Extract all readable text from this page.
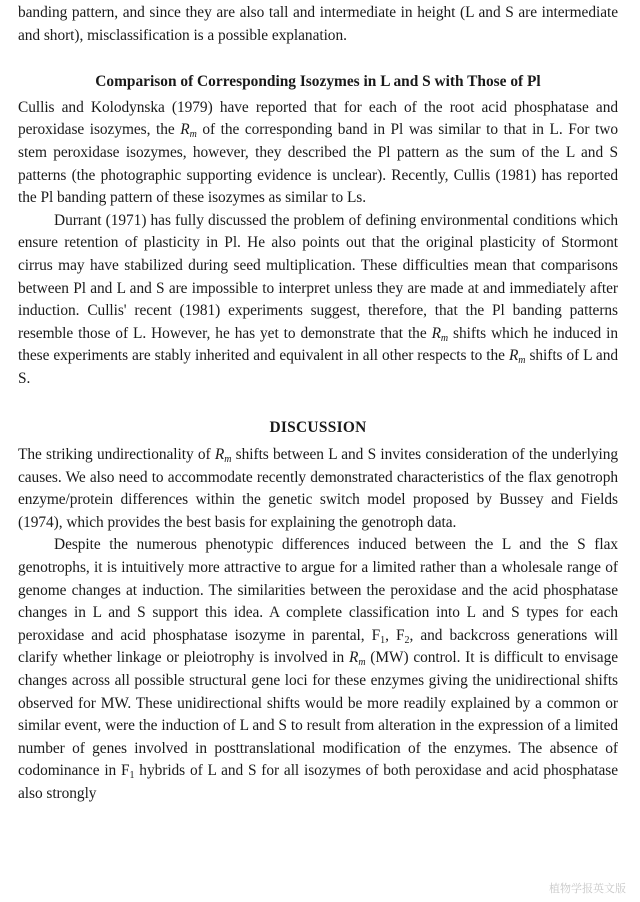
banding pattern, and since they are also tall and intermediate in height (L and S are intermediate and short), misclassification is a possible explanation.

Comparison of Corresponding Isozymes in L and S with Those of Pl

Cullis and Kolodynska (1979) have reported that for each of the root acid phosphatase and peroxidase isozymes, the $R_m$ of the corresponding band in Pl was similar to that in L. For two stem peroxidase isozymes, however, they described the Pl pattern as the sum of the L and S patterns (the photographic supporting evidence is unclear). Recently, Cullis (1981) has reported the Pl banding pattern of these isozymes as similar to Ls.

Durrant (1971) has fully discussed the problem of defining environmental conditions which ensure retention of plasticity in Pl. He also points out that the original plasticity of Stormont cirrus may have stabilized during seed multiplication. These difficulties mean that comparisons between Pl and L and S are impossible to interpret unless they are made at and immediately after induction. Cullis' recent (1981) experiments suggest, therefore, that the Pl banding patterns resemble those of L. However, he has yet to demonstrate that the $R_m$ shifts which he induced in these experiments are stably inherited and equivalent in all other respects to the $R_m$ shifts of L and S.

DISCUSSION

The striking undirectionality of $R_m$ shifts between L and S invites consideration of the underlying causes. We also need to accommodate recently demonstrated characteristics of the flax genotroph enzyme/protein differences within the genetic switch model proposed by Bussey and Fields (1974), which provides the best basis for explaining the genotroph data.

Despite the numerous phenotypic differences induced between the L and the S flax genotrophs, it is intuitively more attractive to argue for a limited rather than a wholesale range of genome changes at induction. The similarities between the peroxidase and the acid phosphatase changes in L and S support this idea. A complete classification into L and S types for each peroxidase and acid phosphatase isozyme in parental, $F_1$, $F_2$, and backcross generations will clarify whether linkage or pleiotrophy is involved in $R_m$ (MW) control. It is difficult to envisage changes across all possible structural gene loci for these enzymes giving the unidirectional shifts observed for MW. These unidirectional shifts would be more readily explained by a common or similar event, were the induction of L and S to result from alteration in the expression of a limited number of genes involved in posttranslational modification of the enzymes. The absence of codominance in $F_1$ hybrids of L and S for all isozymes of both peroxidase and acid phosphatase also strongly

植物学报英文版
